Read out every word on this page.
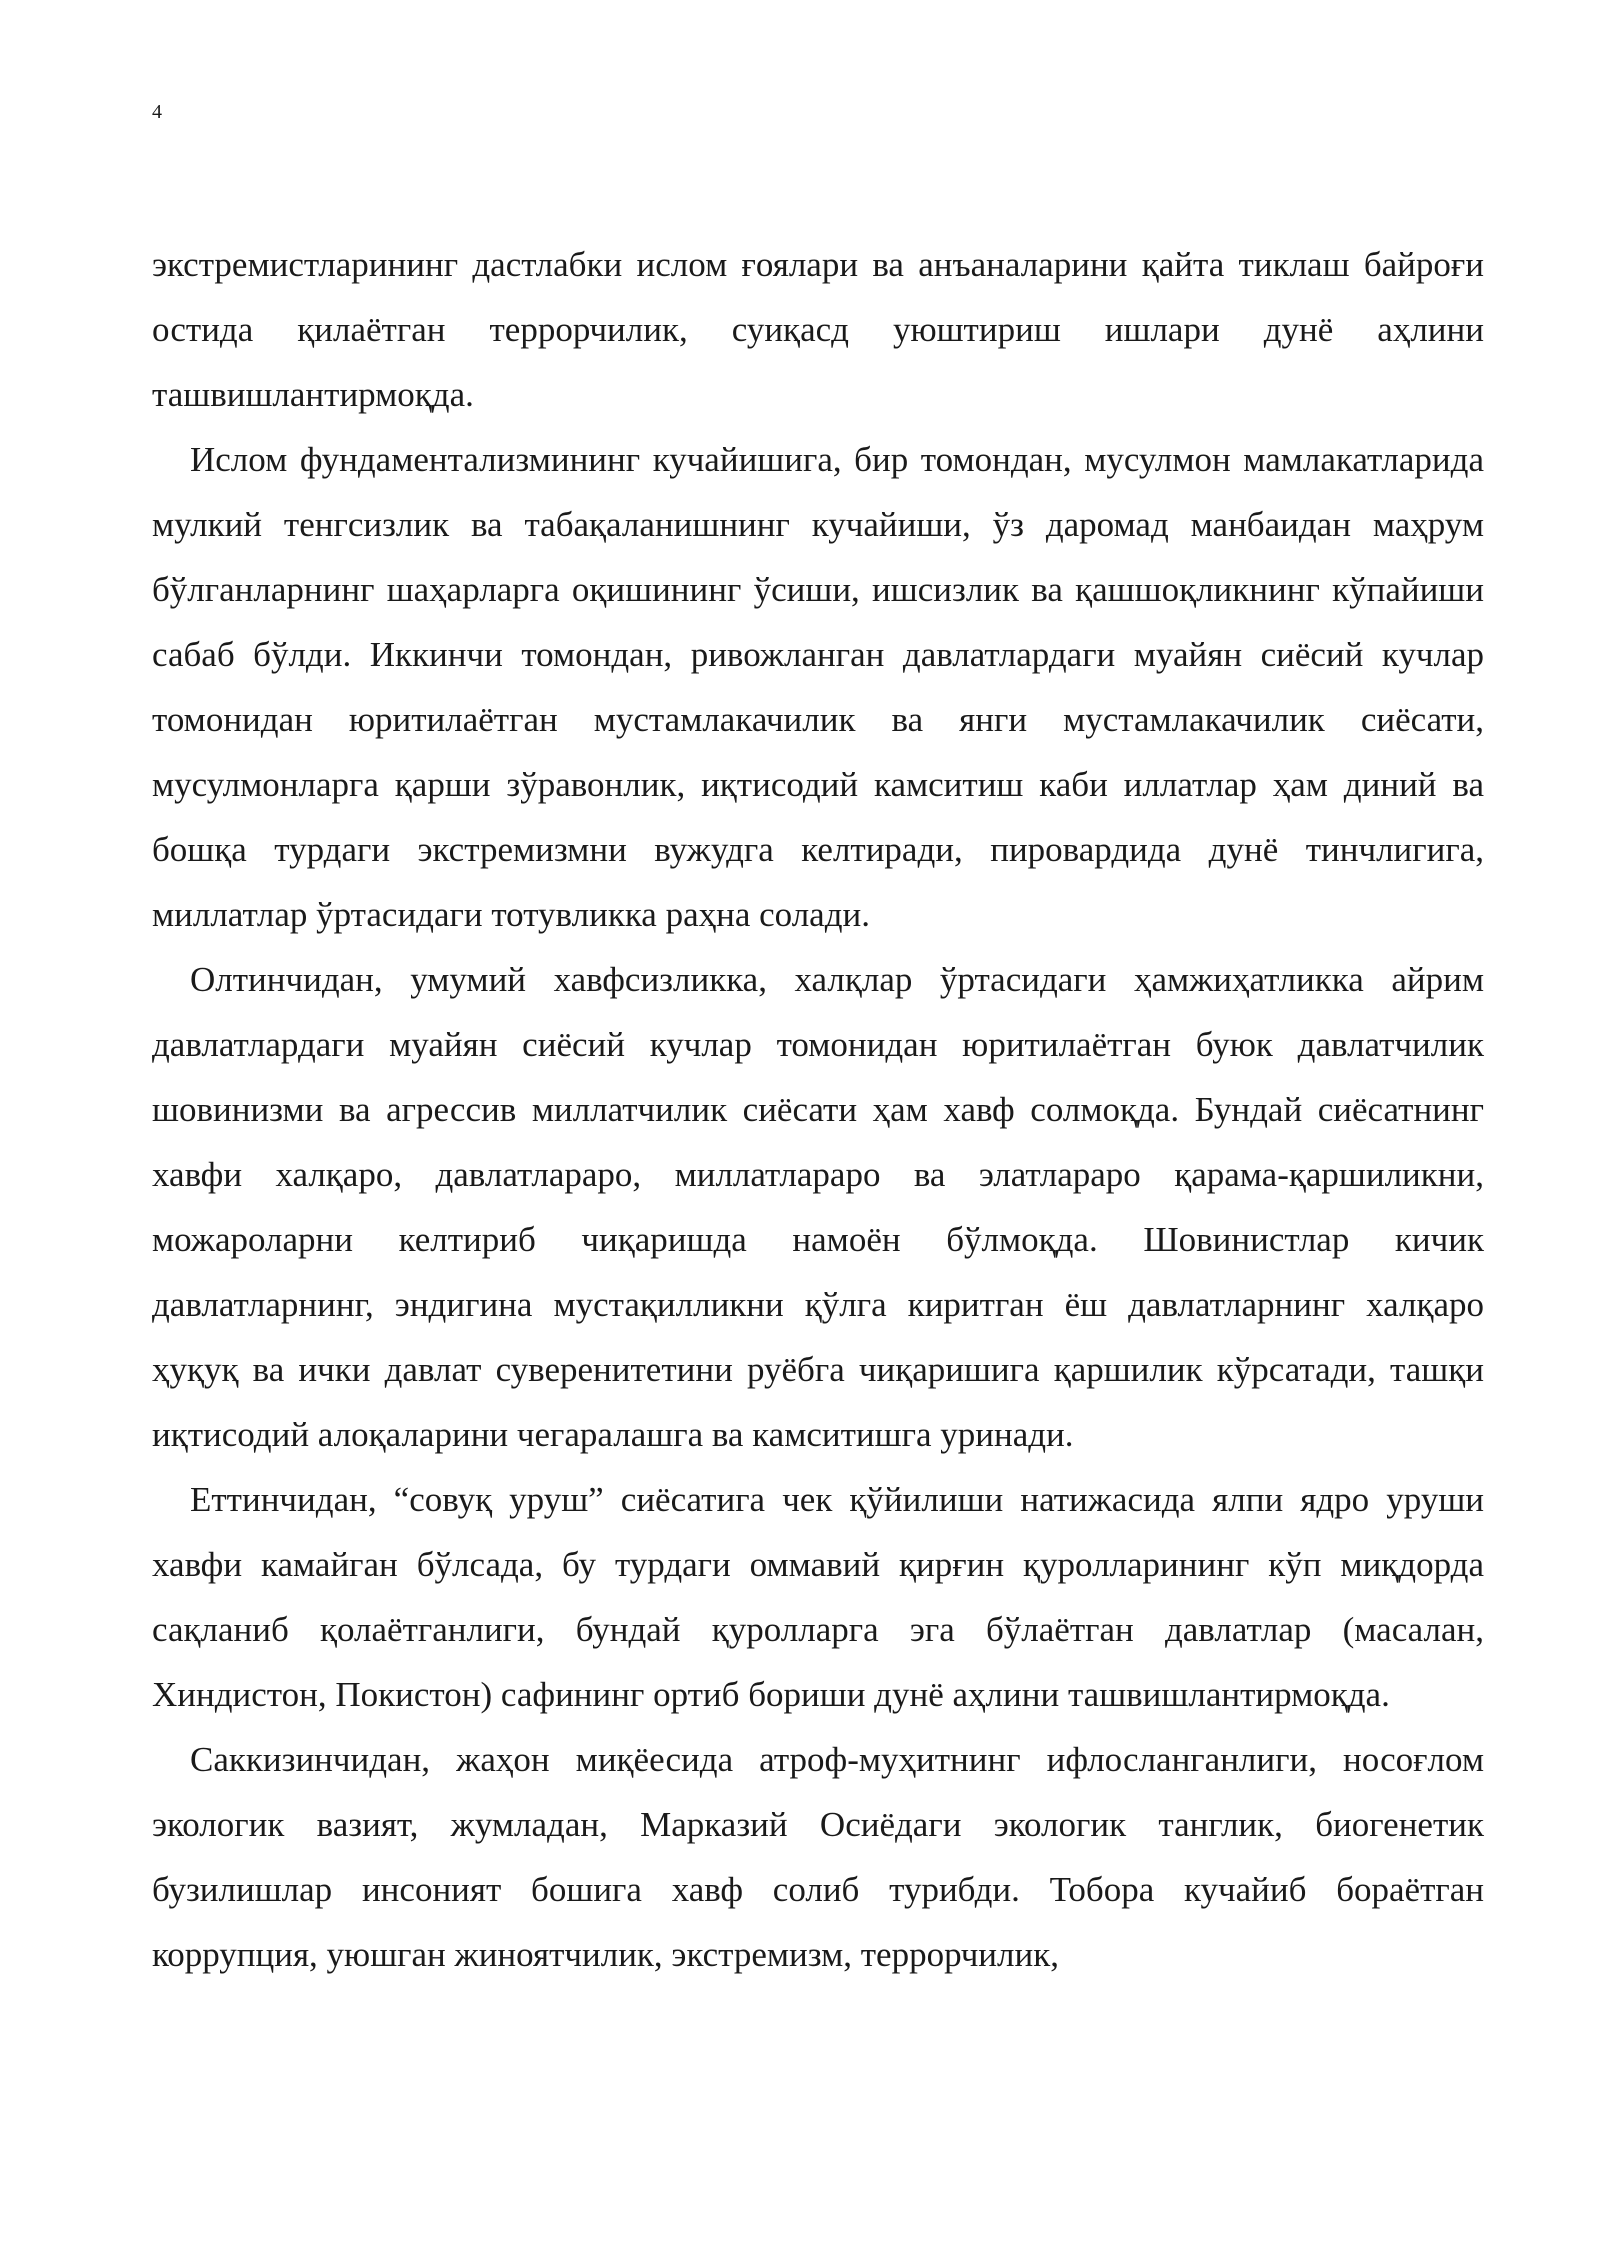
4

экстремистларининг дастлабки ислом ғоялари ва анъаналарини қайта тиклаш байроғи остида қилаётган террорчилик, суиқасд уюштириш ишлари дунё аҳлини ташвишлантирмоқда.

Ислом фундаментализмининг кучайишига, бир томондан, мусулмон мамлакатларида мулкий тенгсизлик ва табақаланишнинг кучайиши, ўз даромад манбаидан маҳрум бўлганларнинг шаҳарларга оқишининг ўсиши, ишсизлик ва қашшоқликнинг кўпайиши сабаб бўлди. Иккинчи томондан, ривожланган давлатлардаги муайян сиёсий кучлар томонидан юритилаётган мустамлакачилик ва янги мустамлакачилик сиёсати, мусулмонларга қарши зўравонлик, иқтисодий камситиш каби иллатлар ҳам диний ва бошқа турдаги экстремизмни вужудга келтиради, пировардида дунё тинчлигига, миллатлар ўртасидаги тотувликка раҳна солади.

Олтинчидан, умумий хавфсизликка, халқлар ўртасидаги ҳамжиҳатликка айрим давлатлардаги муайян сиёсий кучлар томонидан юритилаётган буюк давлатчилик шовинизми ва агрессив миллатчилик сиёсати ҳам хавф солмоқда. Бундай сиёсатнинг хавфи халқаро, давлатлараро, миллатлараро ва элатлараро қарама-қаршиликни, можароларни келтириб чиқаришда намоён бўлмоқда. Шовинистлар кичик давлатларнинг, эндигина мустақилликни қўлга киритган ёш давлатларнинг халқаро ҳуқуқ ва ички давлат суверенитетини руёбга чиқаришига қаршилик кўрсатади, ташқи иқтисодий алоқаларини чегаралашга ва камситишга уринади.

Еттинчидан, “совуқ уруш” сиёсатига чек қўйилиши натижасида ялпи ядро уруши хавфи камайган бўлсада, бу турдаги оммавий қирғин қуролларининг кўп миқдорда сақланиб қолаётганлиги, бундай қуролларга эга бўлаётган давлатлар (масалан, Хиндистон, Покистон) сафининг ортиб бориши дунё аҳлини ташвишлантирмоқда.

Саккизинчидан, жаҳон миқёесида атроф-муҳитнинг ифлосланганлиги, носоғлом экологик вазият, жумладан, Марказий Осиёдаги экологик танглик, биогенетик бузилишлар инсоният бошига хавф солиб турибди. Тобора кучайиб бораётган коррупция, уюшган жиноятчилик, экстремизм, террорчилик,
